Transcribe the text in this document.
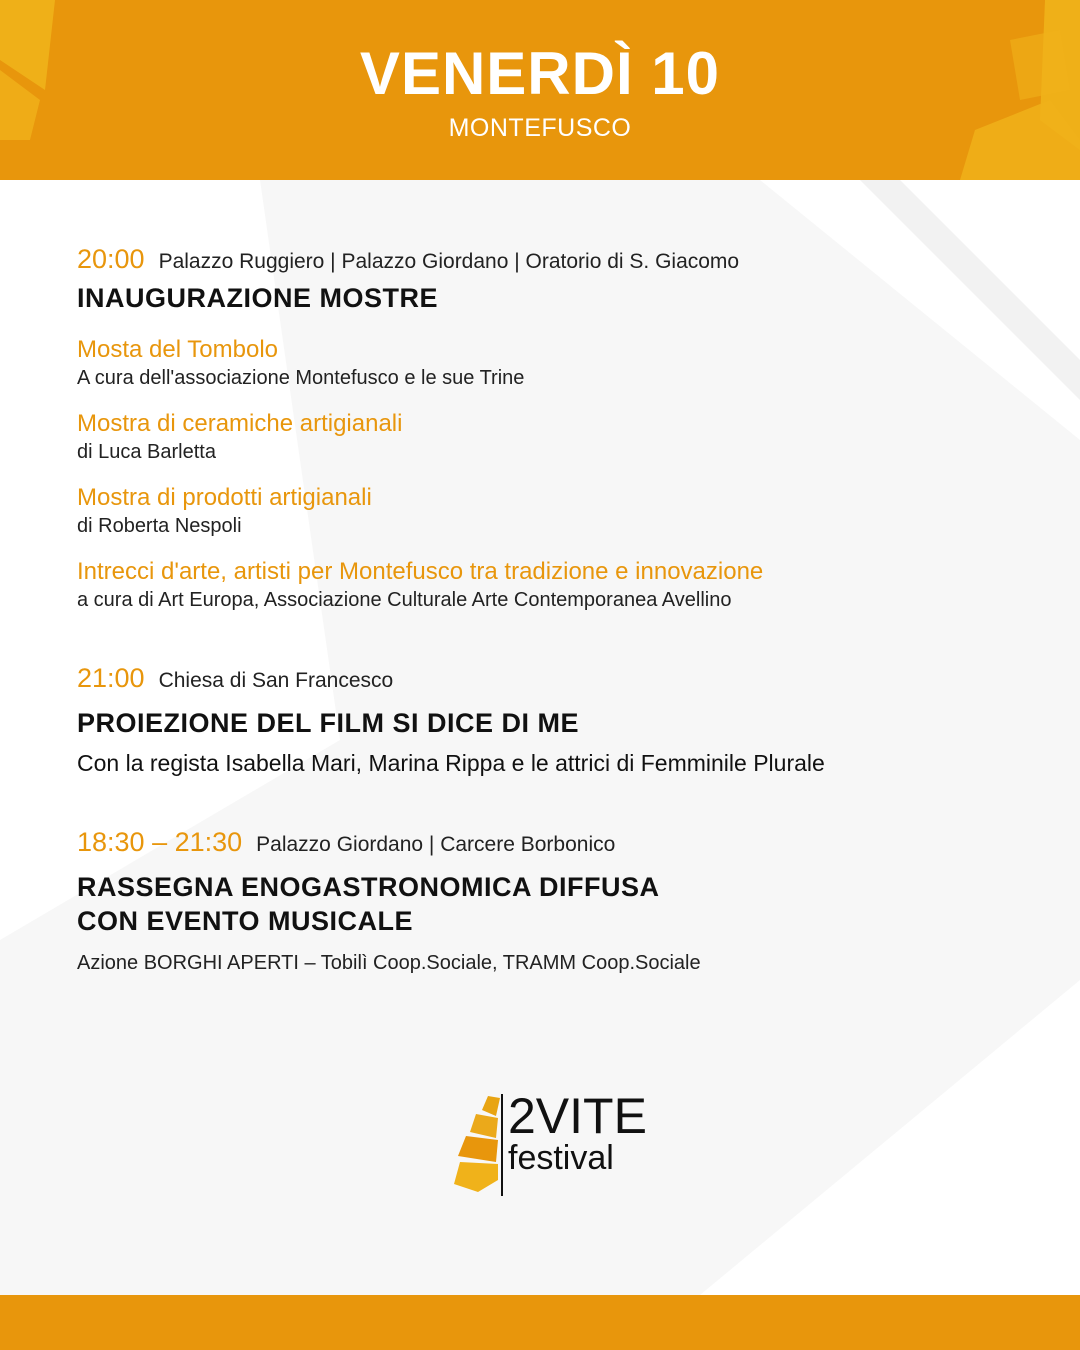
VENERDÌ 10
MONTEFUSCO
20:00 Palazzo Ruggiero | Palazzo Giordano | Oratorio di S. Giacomo
INAUGURAZIONE MOSTRE
Mosta del Tombolo
A cura dell'associazione Montefusco e le sue Trine
Mostra di ceramiche artigianali
di Luca Barletta
Mostra di prodotti artigianali
di Roberta Nespoli
Intrecci d'arte, artisti per Montefusco tra tradizione e innovazione
a cura di Art Europa, Associazione Culturale Arte Contemporanea Avellino
21:00 Chiesa di San Francesco
PROIEZIONE DEL FILM SI DICE DI ME
Con la regista Isabella Mari, Marina Rippa e le attrici di Femminile Plurale
18:30 – 21:30 Palazzo Giordano | Carcere Borbonico
RASSEGNA ENOGASTRONOMICA DIFFUSA
CON EVENTO MUSICALE
Azione BORGHI APERTI – Tobilì Coop.Sociale, TRAMM Coop.Sociale
2VITE
festival
